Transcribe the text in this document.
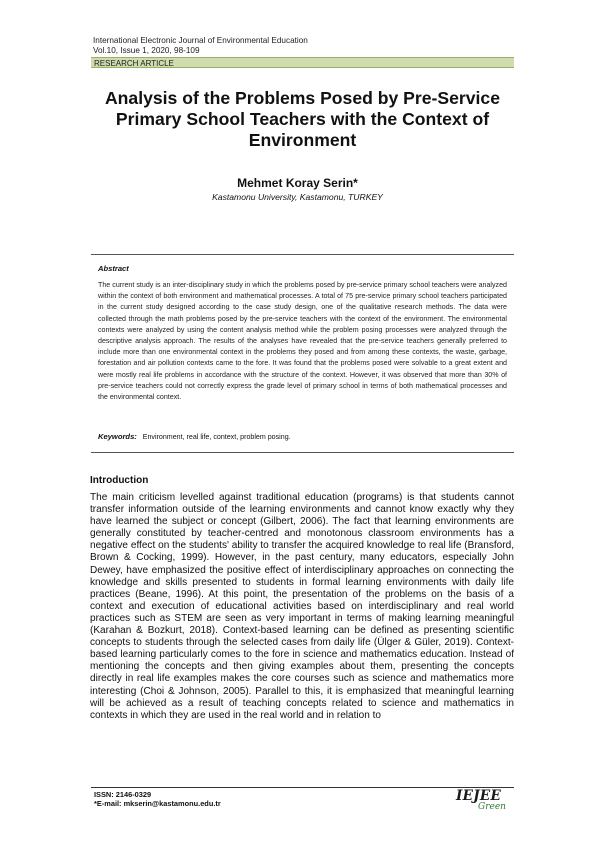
International Electronic Journal of Environmental Education
Vol.10, Issue 1, 2020, 98-109
RESEARCH ARTICLE
Analysis of the Problems Posed by Pre-Service
Primary School Teachers with the Context of
Environment
Mehmet Koray Serin*
Kastamonu University, Kastamonu, TURKEY
Abstract
The current study is an inter-disciplinary study in which the problems posed by pre-service primary school teachers were analyzed within the context of both environment and mathematical processes. A total of 75 pre-service primary school teachers participated in the current study designed according to the case study design, one of the qualitative research methods. The data were collected through the math problems posed by the pre-service teachers with the context of the environment. The environmental contexts were analyzed by using the content analysis method while the problem posing processes were analyzed through the descriptive analysis approach. The results of the analyses have revealed that the pre-service teachers generally preferred to include more than one environmental context in the problems they posed and from among these contexts, the waste, garbage, forestation and air pollution contexts came to the fore. It was found that the problems posed were solvable to a great extent and were mostly real life problems in accordance with the structure of the context. However, it was observed that more than 30% of pre-service teachers could not correctly express the grade level of primary school in terms of both mathematical processes and the environmental context.
Keywords: Environment, real life, context, problem posing.
Introduction
The main criticism levelled against traditional education (programs) is that students cannot transfer information outside of the learning environments and cannot know exactly why they have learned the subject or concept (Gilbert, 2006). The fact that learning environments are generally constituted by teacher-centred and monotonous classroom environments has a negative effect on the students' ability to transfer the acquired knowledge to real life (Bransford, Brown & Cocking, 1999). However, in the past century, many educators, especially John Dewey, have emphasized the positive effect of interdisciplinary approaches on connecting the knowledge and skills presented to students in formal learning environments with daily life practices (Beane, 1996). At this point, the presentation of the problems on the basis of a context and execution of educational activities based on interdisciplinary and real world practices such as STEM are seen as very important in terms of making learning meaningful (Karahan & Bozkurt, 2018). Context-based learning can be defined as presenting scientific concepts to students through the selected cases from daily life (Ülger & Güler, 2019). Context-based learning particularly comes to the fore in science and mathematics education. Instead of mentioning the concepts and then giving examples about them, presenting the concepts directly in real life examples makes the core courses such as science and mathematics more interesting (Choi & Johnson, 2005). Parallel to this, it is emphasized that meaningful learning will be achieved as a result of teaching concepts related to science and mathematics in contexts in which they are used in the real world and in relation to
ISSN: 2146-0329
*E-mail: mkserin@kastamonu.edu.tr	IEJEE
Green
